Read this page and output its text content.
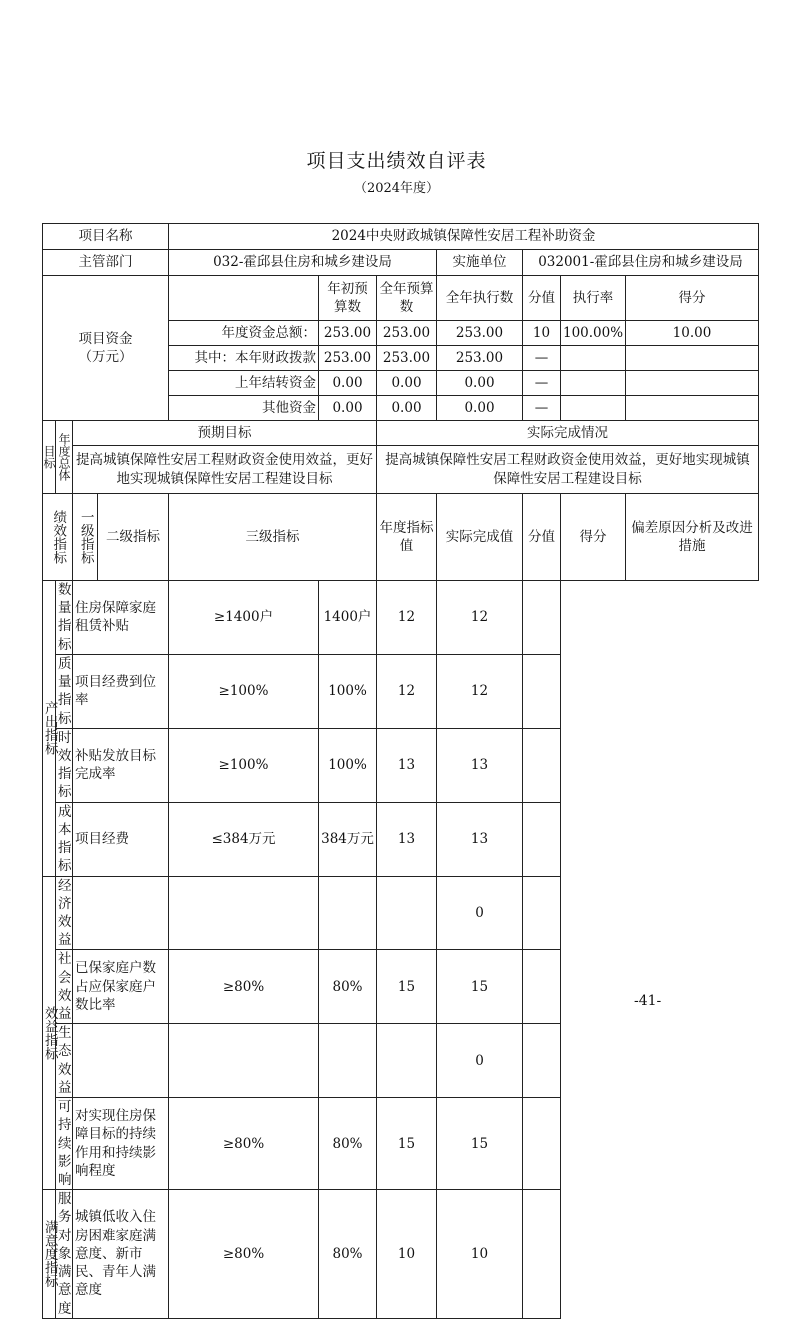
项目支出绩效自评表
（2024年度）
项目名称				2024中央财政城镇保障性安居工程补助资金						
主管部门				032-霍邱县住房和城乡建设局			实施单位	032001-霍邱县住房和城乡建设局		
项目资金（万元）					年初预算数	全年预算数	全年执行数	分值	执行率	得分
				年度资金总额：	253.00	253.00	253.00	10	100.00%	10.00
				其中：本年财政拨款	253.00	253.00	253.00	—		
				上年结转资金	0.00	0.00	0.00	—		
				其他资金	0.00	0.00	0.00	—		
目标	年度总体	预期目标				实际完成情况				
		提高城镇保障性安居工程财政资金使用效益，更好地实现城镇保障性安居工程建设目标				提高城镇保障性安居工程财政资金使用效益，更好地实现城镇保障性安居工程建设目标				
绩效指标		一级指标	二级指标	三级指标		年度指标值	实际完成值	分值	得分	偏差原因分析及改进措施
产出指标	数量指标	住房保障家庭租赁补贴		≥1400户	1400户	12	12			
	质量指标	项目经费到位率		≥100%	100%	12	12			
	时效指标	补贴发放目标完成率		≥100%	100%	13	13			
	成本指标	项目经费		≤384万元	384万元	13	13			
效益指标	经济效益						0			
	社会效益	已保家庭户数占应保家庭户数比率		≥80%	80%	15	15			
	生态效益						0			
	可持续影响	对实现住房保障目标的持续作用和持续影响程度		≥80%	80%	15	15			
满意度指标	服务对象满意度	城镇低收入住房困难家庭满意度、新市民、青年人满意度		≥80%	80%	10	10			
-41-
